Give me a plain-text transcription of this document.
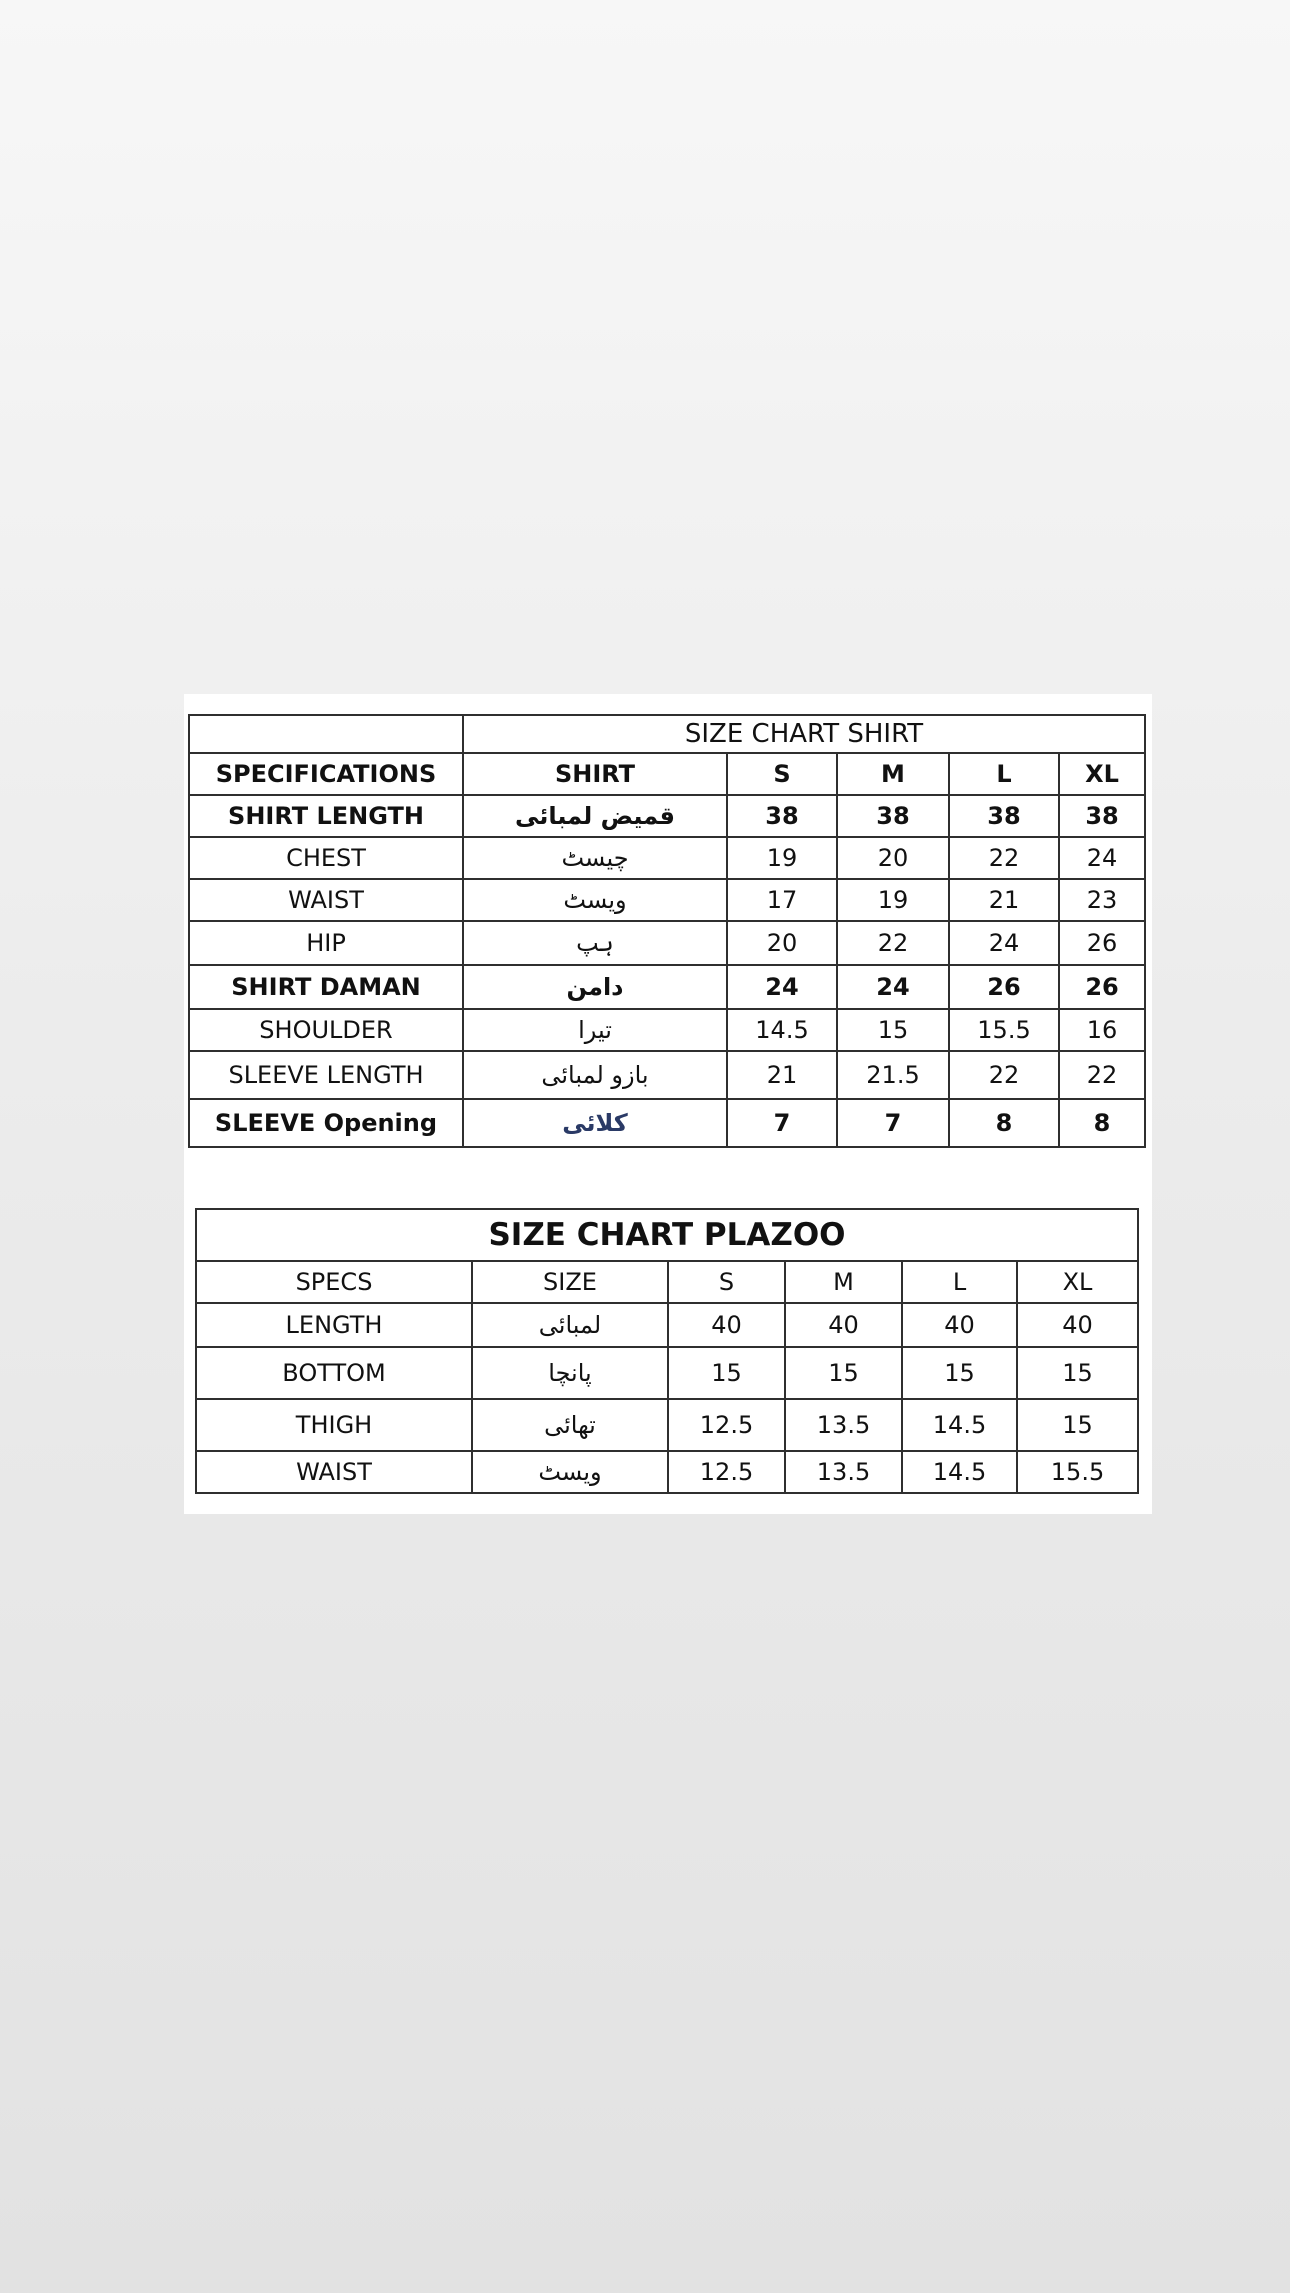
	SIZE CHART SHIRT				
SPECIFICATIONS	SHIRT	S	M	L	XL
SHIRT LENGTH	قمیض لمبائی	38	38	38	38
CHEST	چیسٹ	19	20	22	24
WAIST	ویسٹ	17	19	21	23
HIP	ہپ	20	22	24	26
SHIRT DAMAN	دامن	24	24	26	26
SHOULDER	تیرا	14.5	15	15.5	16
SLEEVE LENGTH	بازو لمبائی	21	21.5	22	22
SLEEVE Opening	کلائی	7	7	8	8
SIZE CHART PLAZOO					
SPECS	SIZE	S	M	L	XL
LENGTH	لمبائی	40	40	40	40
BOTTOM	پانچا	15	15	15	15
THIGH	تھائی	12.5	13.5	14.5	15
WAIST	ویسٹ	12.5	13.5	14.5	15.5
